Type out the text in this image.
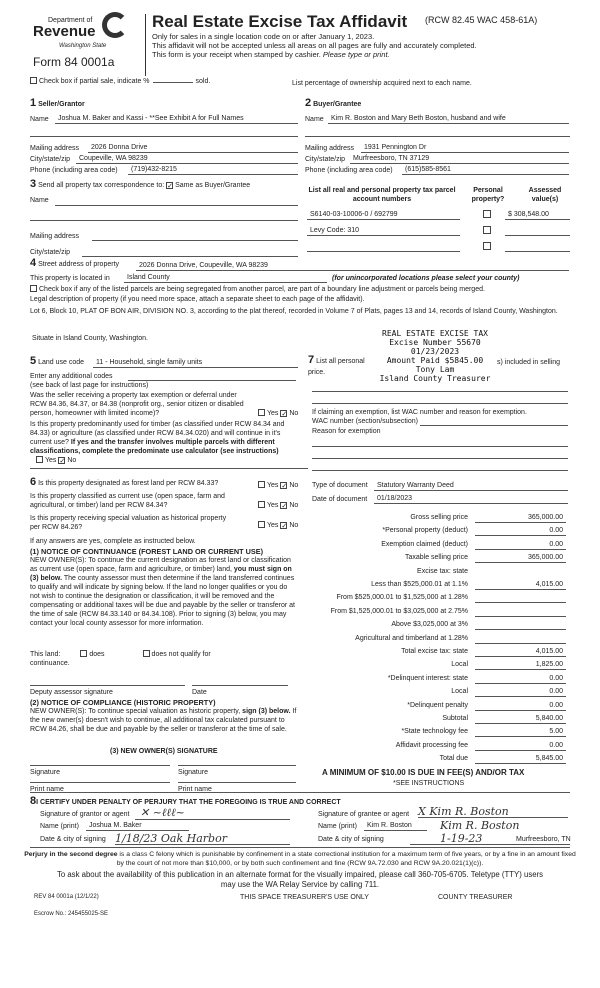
Department of
Revenue
Washington State
Form 84 0001a
Real Estate Excise Tax Affidavit (RCW 82.45 WAC 458-61A)
Only for sales in a single location code on or after January 1, 2023.
This affidavit will not be accepted unless all areas on all pages are fully and accurately completed.
This form is your receipt when stamped by cashier. Please type or print.
Check box if partial sale, indicate %	sold.	List percentage of ownership acquired next to each name.
1 Seller/Grantor
Name	Joshua M. Baker and Kassi - **See Exhibit A for Full Names
Mailing address	2026 Donna Drive
City/state/zip	Coupeville, WA 98239
Phone (including area code)	(719)432-8215
2 Buyer/Grantee
Name	Kim R. Boston and Mary Beth Boston, husband and wife
Mailing address	1931 Pennington Dr
City/state/zip	Murfreesboro, TN 37129
Phone (including area code)	(615)585-8561
3 Send all property tax correspondence to: ✓ Same as Buyer/Grantee
Name
Mailing address
City/state/zip
List all real and personal property tax parcel account numbers
Personal property?
Assessed value(s)
S6140-03-10006-0 / 692799	$ 308,548.00
Levy Code: 310
4 Street address of property	2026 Donna Drive, Coupeville, WA 98239
This property is located in	Island County	(for unincorporated locations please select your county)
Check box if any of the listed parcels are being segregated from another parcel, are part of a boundary line adjustment or parcels being merged.
Legal description of property (if you need more space, attach a separate sheet to each page of the affidavit).
Lot 6, Block 10, PLAT OF BON AIR, DIVISION NO. 3, according to the plat thereof, recorded in Volume 7 of Plats, pages 13 and 14, records of Island County, Washington.
Situate in Island County, Washington.
REAL ESTATE EXCISE TAX
Excise Number 55670
01/23/2023
Amount Paid $5845.00
Tony Lam
Island County Treasurer
5 Land use code	11 - Household, single family units
Enter any additional codes
(see back of last page for instructions)
Was the seller receiving a property tax exemption or deferral under RCW 84.36, 84.37, or 84.38 (nonprofit org., senior citizen or disabled person, homeowner with limited income)?	Yes ✓ No
Is this property predominantly used for timber (as classified under RCW 84.34 and 84.33) or agriculture (as classified under RCW 84.34.020) and will continue in it's current use? If yes and the transfer involves multiple parcels with different classifications, complete the predominate use calculator (see instructions)Yes ✓ No
6 Is this property designated as forest land per RCW 84.33?	Yes ✓ No
Is this property classified as current use (open space, farm and agricultural, or timber) land per RCW 84.34?	Yes ✓ No
Is this property receiving special valuation as historical property per RCW 84.26?	Yes ✓ No
If any answers are yes, complete as instructed below.
(1) NOTICE OF CONTINUANCE (FOREST LAND OR CURRENT USE)
NEW OWNER(S): To continue the current designation as forest land or classification as current use (open space, farm and agriculture, or timber) land, you must sign on (3) below. The county assessor must then determine if the land transferred continues to qualify and will indicate by signing below. If the land no longer qualifies or you do not wish to continue the designation or classification, it will be removed and the compensating or additional taxes will be due and payable by the seller or transferor at the time of sale (RCW 84.33.140 or 84.34.108). Prior to signing (3) below, you may contact your local county assessor for more information.
This land:	does	does not qualify for
continuance.
Deputy assessor signature	Date
(2) NOTICE OF COMPLIANCE (HISTORIC PROPERTY)
NEW OWNER(S): To continue special valuation as historic property, sign (3) below. If the new owner(s) doesn't wish to continue, all additional tax calculated pursuant to RCW 84.26, shall be due and payable by the seller or transferor at the time of sale.
(3) NEW OWNER(S) SIGNATURE
Signature	Signature
Print name	Print name
7 List all personal	s) included in selling
price.
If claiming an exemption, list WAC number and reason for exemption.
WAC number (section/subsection)
Reason for exemption
Type of document	Statutory Warranty Deed
Date of document	01/18/2023
Gross selling price	365,000.00
*Personal property (deduct)	0.00
Exemption claimed (deduct)	0.00
Taxable selling price	365,000.00
Excise tax: state
Less than $525,000.01 at 1.1%	4,015.00
From $525,000.01 to $1,525,000 at 1.28%
From $1,525,000.01 to $3,025,000 at 2.75%
Above $3,025,000 at 3%
Agricultural and timberland at 1.28%
Total excise tax: state	4,015.00
Local	1,825.00
*Delinquent interest: state	0.00
Local	0.00
*Delinquent penalty	0.00
Subtotal	5,840.00
*State technology fee	5.00
Affidavit processing fee	0.00
Total due	5,845.00
A MINIMUM OF $10.00 IS DUE IN FEE(S) AND/OR TAX
*SEE INSTRUCTIONS
8I CERTIFY UNDER PENALTY OF PERJURY THAT THE FOREGOING IS TRUE AND CORRECT
Signature of grantor or agent ✕ ~ℓℓℓ~
Name (print)	Joshua M. Baker
Date & city of signing 1/18/23 Oak Harbor
Signature of grantee or agent X Kim R. Boston
Name (print)	Kim R. Boston	Kim R. Boston
Date & city of signing	1-19-23	Murfreesboro, TN
Perjury in the second degree is a class C felony which is punishable by confinement in a state correctional institution for a maximum term of five years, or by a fine in an amount fixed by the court of not more than $10,000, or by both such confinement and fine (RCW 9A.72.030 and RCW 9A.20.021(1)(c)).
To ask about the availability of this publication in an alternate format for the visually impaired, please call 360-705-6705. Teletype (TTY) users may use the WA Relay Service by calling 711.
REV 84 0001a (12/1/22)	THIS SPACE TREASURER'S USE ONLY	COUNTY TREASURER
Escrow No.: 245455025-SE
